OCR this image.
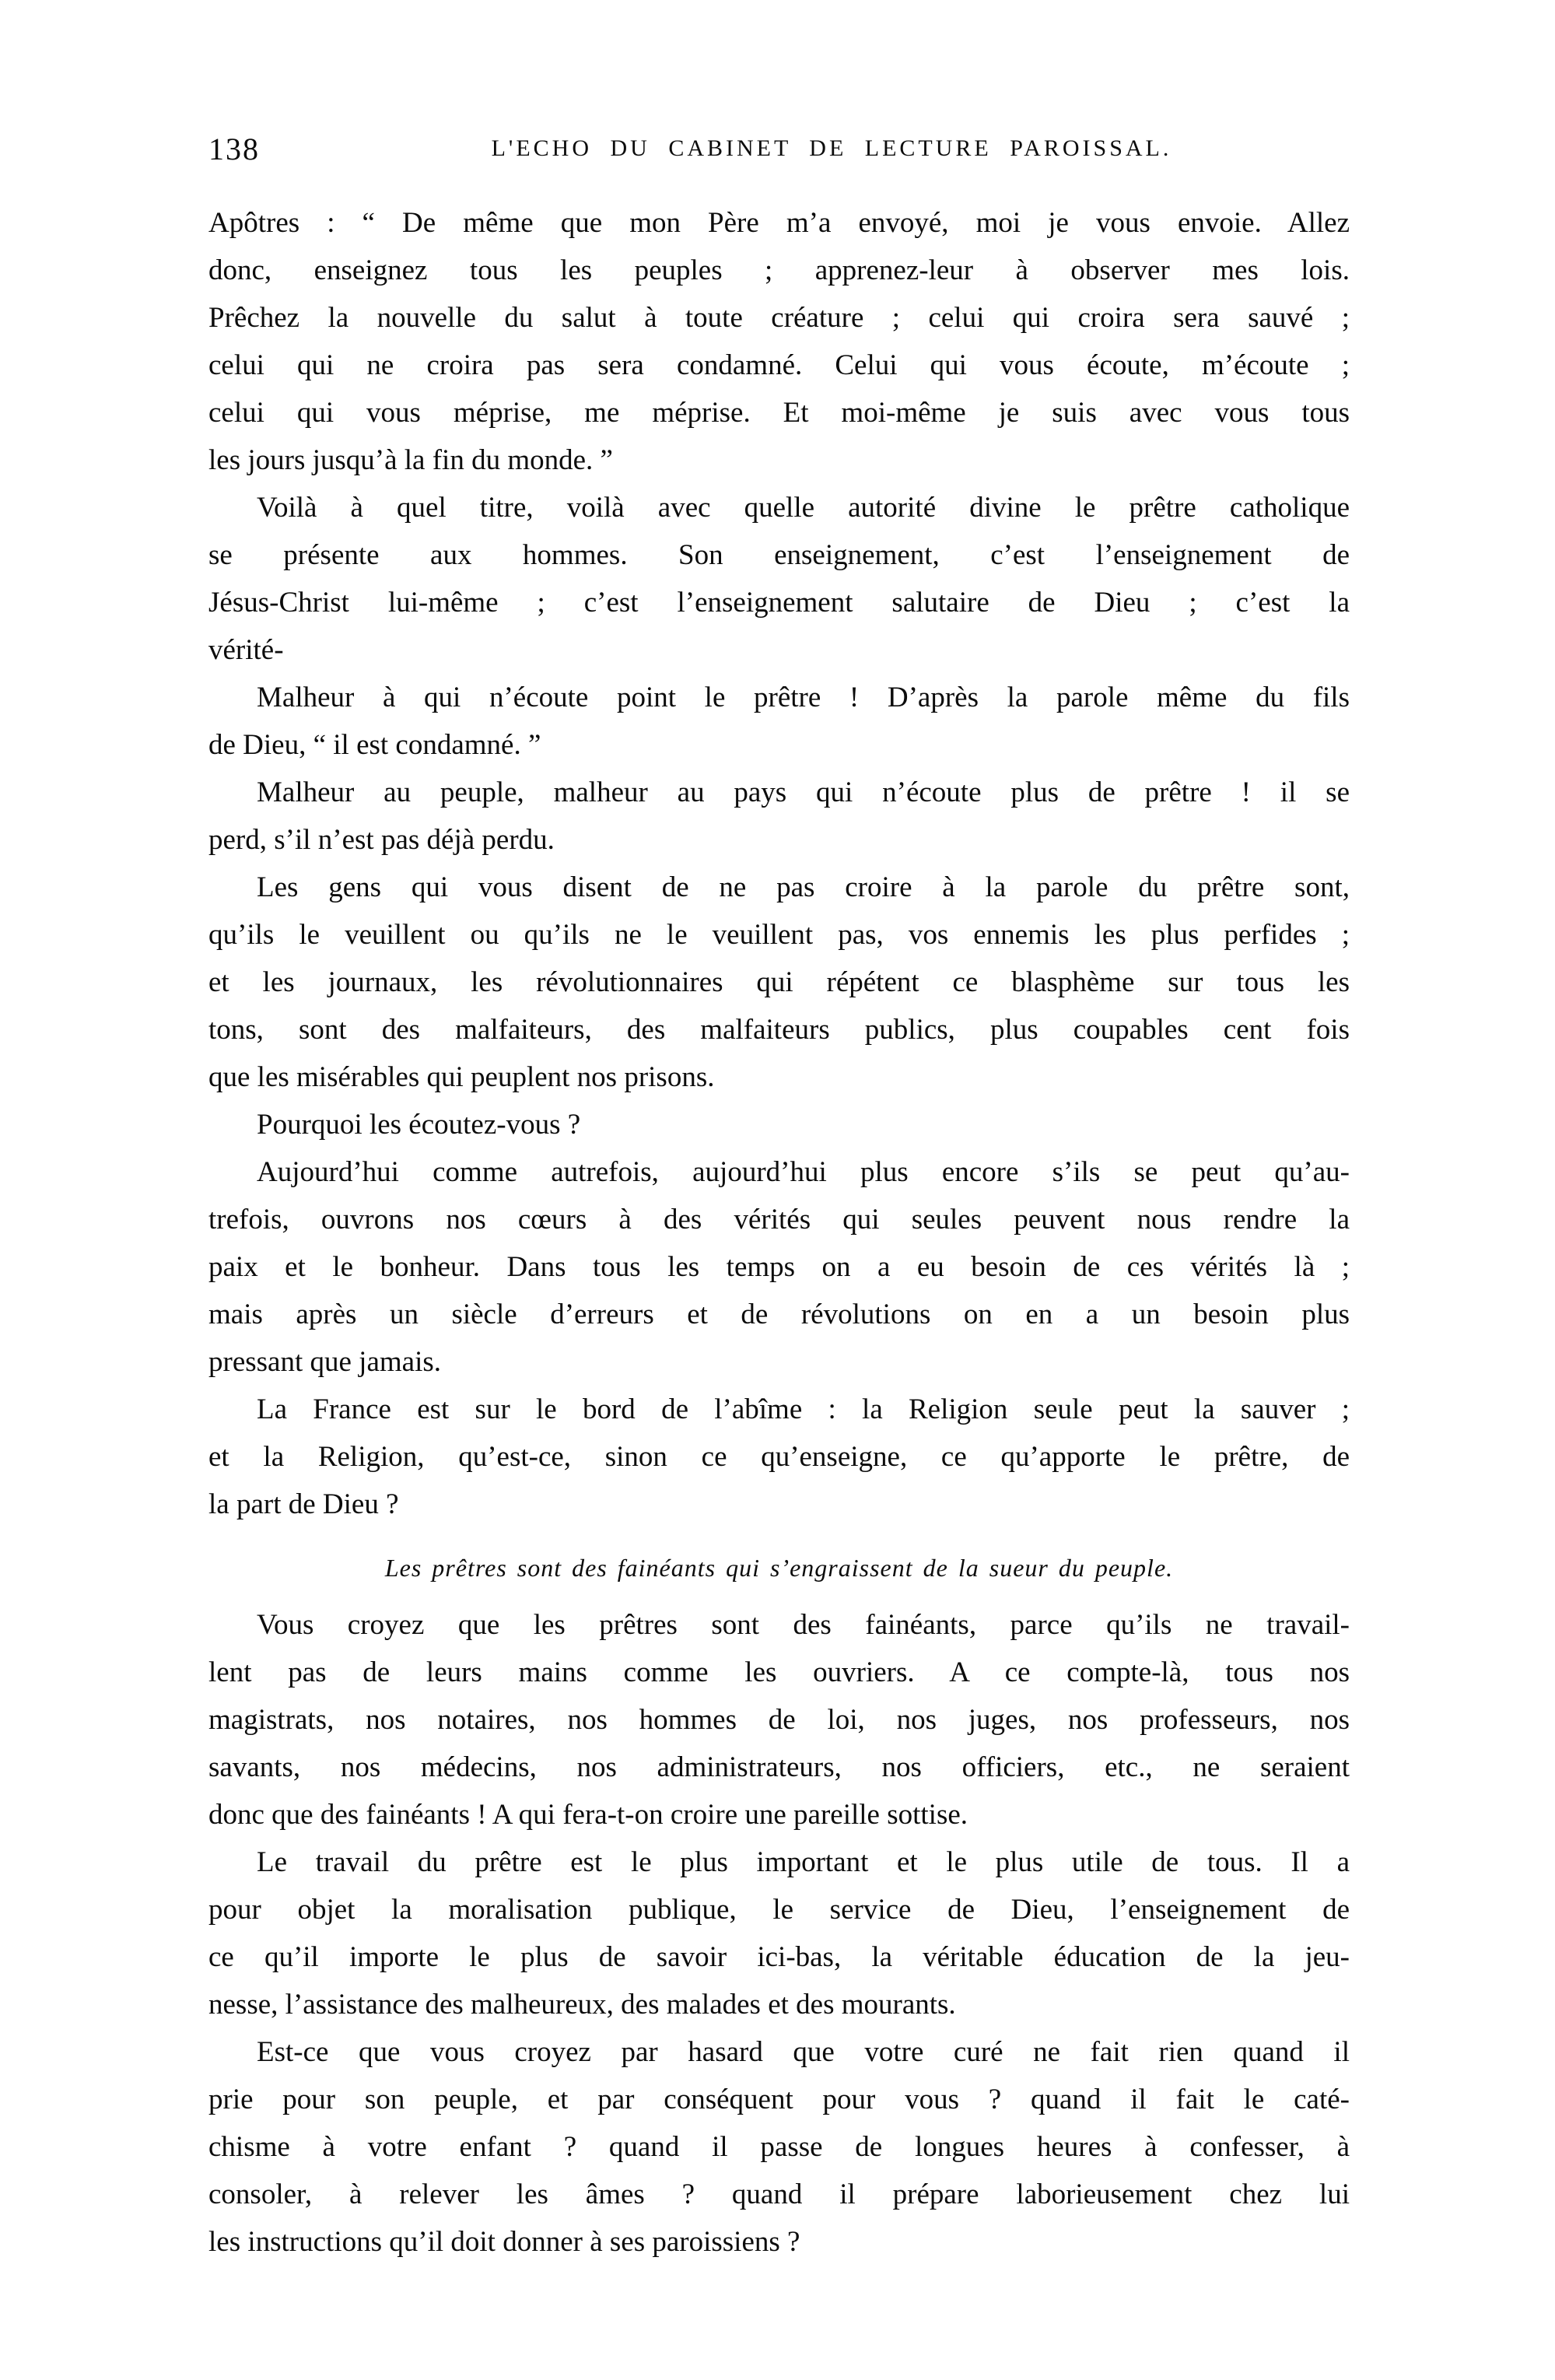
138	L'ECHO DU CABINET DE LECTURE PAROISSAL.
Apôtres : “ De même que mon Père m’a envoyé, moi je vous envoie. Allez
donc, enseignez tous les peuples ; apprenez-leur à observer mes lois.
Prêchez la nouvelle du salut à toute créature ; celui qui croira sera sauvé ;
celui qui ne croira pas sera condamné. Celui qui vous écoute, m’écoute ;
celui qui vous méprise, me méprise. Et moi-même je suis avec vous tous
les jours jusqu’à la fin du monde. ”
Voilà à quel titre, voilà avec quelle autorité divine le prêtre catholique
se présente aux hommes. Son enseignement, c’est l’enseignement de
Jésus-Christ lui-même ; c’est l’enseignement salutaire de Dieu ; c’est la
vérité-
Malheur à qui n’écoute point le prêtre ! D’après la parole même du fils
de Dieu, “ il est condamné. ”
Malheur au peuple, malheur au pays qui n’écoute plus de prêtre ! il se
perd, s’il n’est pas déjà perdu.
Les gens qui vous disent de ne pas croire à la parole du prêtre sont,
qu’ils le veuillent ou qu’ils ne le veuillent pas, vos ennemis les plus perfides ;
et les journaux, les révolutionnaires qui répétent ce blasphème sur tous les
tons, sont des malfaiteurs, des malfaiteurs publics, plus coupables cent fois
que les misérables qui peuplent nos prisons.
Pourquoi les écoutez-vous ?
Aujourd’hui comme autrefois, aujourd’hui plus encore s’ils se peut qu’au-
trefois, ouvrons nos cœurs à des vérités qui seules peuvent nous rendre la
paix et le bonheur. Dans tous les temps on a eu besoin de ces vérités là ;
mais après un siècle d’erreurs et de révolutions on en a un besoin plus
pressant que jamais.
La France est sur le bord de l’abîme : la Religion seule peut la sauver ;
et la Religion, qu’est-ce, sinon ce qu’enseigne, ce qu’apporte le prêtre, de
la part de Dieu ?
Les prêtres sont des fainéants qui s’engraissent de la sueur du peuple.
Vous croyez que les prêtres sont des fainéants, parce qu’ils ne travail-
lent pas de leurs mains comme les ouvriers. A ce compte-là, tous nos
magistrats, nos notaires, nos hommes de loi, nos juges, nos professeurs, nos
savants, nos médecins, nos administrateurs, nos officiers, etc., ne seraient
donc que des fainéants ! A qui fera-t-on croire une pareille sottise.
Le travail du prêtre est le plus important et le plus utile de tous. Il a
pour objet la moralisation publique, le service de Dieu, l’enseignement de
ce qu’il importe le plus de savoir ici-bas, la véritable éducation de la jeu-
nesse, l’assistance des malheureux, des malades et des mourants.
Est-ce que vous croyez par hasard que votre curé ne fait rien quand il
prie pour son peuple, et par conséquent pour vous ? quand il fait le caté-
chisme à votre enfant ? quand il passe de longues heures à confesser, à
consoler, à relever les âmes ? quand il prépare laborieusement chez lui
les instructions qu’il doit donner à ses paroissiens ?
